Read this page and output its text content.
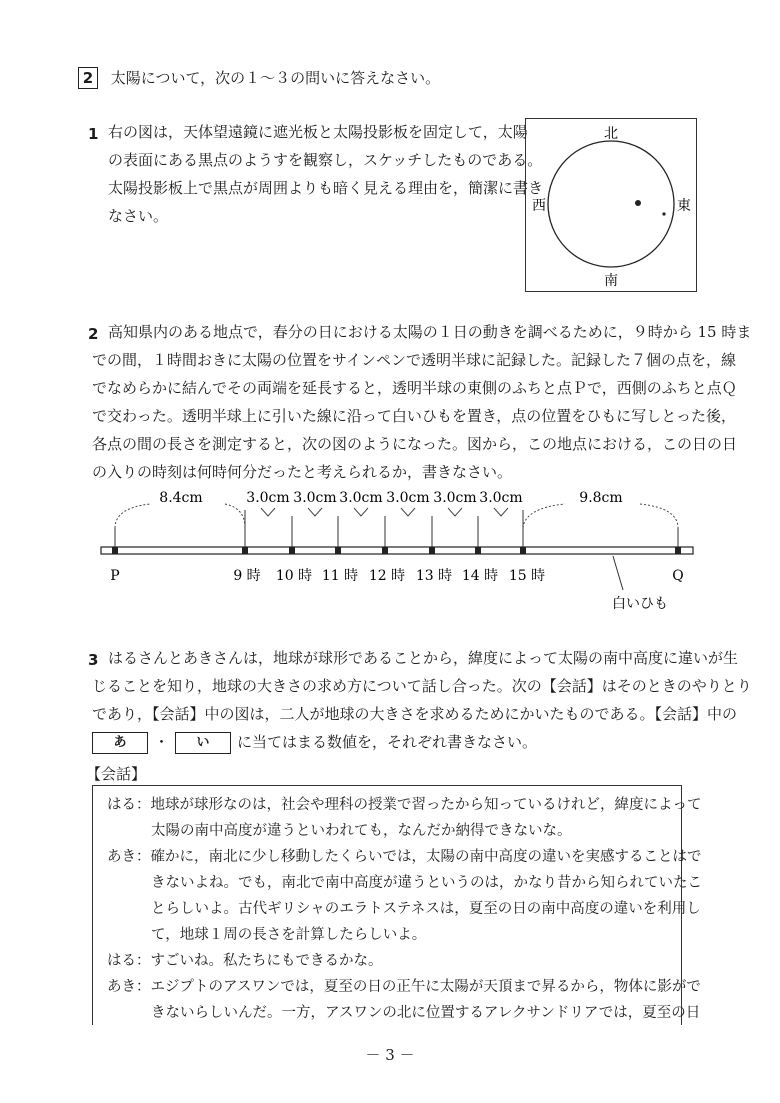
2 太陽について，次の１～３の問いに答えなさい。
1 右の図は，天体望遠鏡に遮光板と太陽投影板を固定して，太陽

の表面にある黒点のようすを観察し，スケッチしたものである。

太陽投影板上で黒点が周囲よりも暗く見える理由を，簡潔に書き

なさい。

北
南
西	東
2 高知県内のある地点で，春分の日における太陽の１日の動きを調べるために，９時から 15 時ま

での間，１時間おきに太陽の位置をサインペンで透明半球に記録した。記録した７個の点を，線

でなめらかに結んでその両端を延長すると，透明半球の東側のふちと点Ｐで，西側のふちと点Ｑ

で交わった。透明半球上に引いた線に沿って白いひもを置き，点の位置をひもに写しとった後，

各点の間の長さを測定すると，次の図のようになった。図から，この地点における，この日の日

の入りの時刻は何時何分だったと考えられるか，書きなさい。

8.4cm	9.8cm
3.0cm 3.0cm 3.0cm 3.0cm 3.0cm 3.0cm
P	Q
9 時 10 時 11 時 12 時 13 時 14 時 15 時
白いひも
3 はるさんとあきさんは，地球が球形であることから，緯度によって太陽の南中高度に違いが生

じることを知り，地球の大きさの求め方について話し合った。次の【会話】はそのときのやりとり

であり，【会話】中の図は，二人が地球の大きさを求めるためにかいたものである。【会話】中の

あ ・ い に当てはまる数値を，それぞれ書きなさい。

【会話】
はる：地球が球形なのは，社会や理科の授業で習ったから知っているけれど，緯度によって
太陽の南中高度が違うといわれても，なんだか納得できないな。
あき：確かに，南北に少し移動したくらいでは，太陽の南中高度の違いを実感することはで
きないよね。でも，南北で南中高度が違うというのは，かなり昔から知られていたこ
とらしいよ。古代ギリシャのエラトステネスは，夏至の日の南中高度の違いを利用し
て，地球１周の長さを計算したらしいよ。
はる：すごいね。私たちにもできるかな。
あき：エジプトのアスワンでは，夏至の日の正午に太陽が天頂まで昇るから，物体に影がで
きないらしいんだ。一方，アスワンの北に位置するアレクサンドリアでは，夏至の日
－ 3 －
